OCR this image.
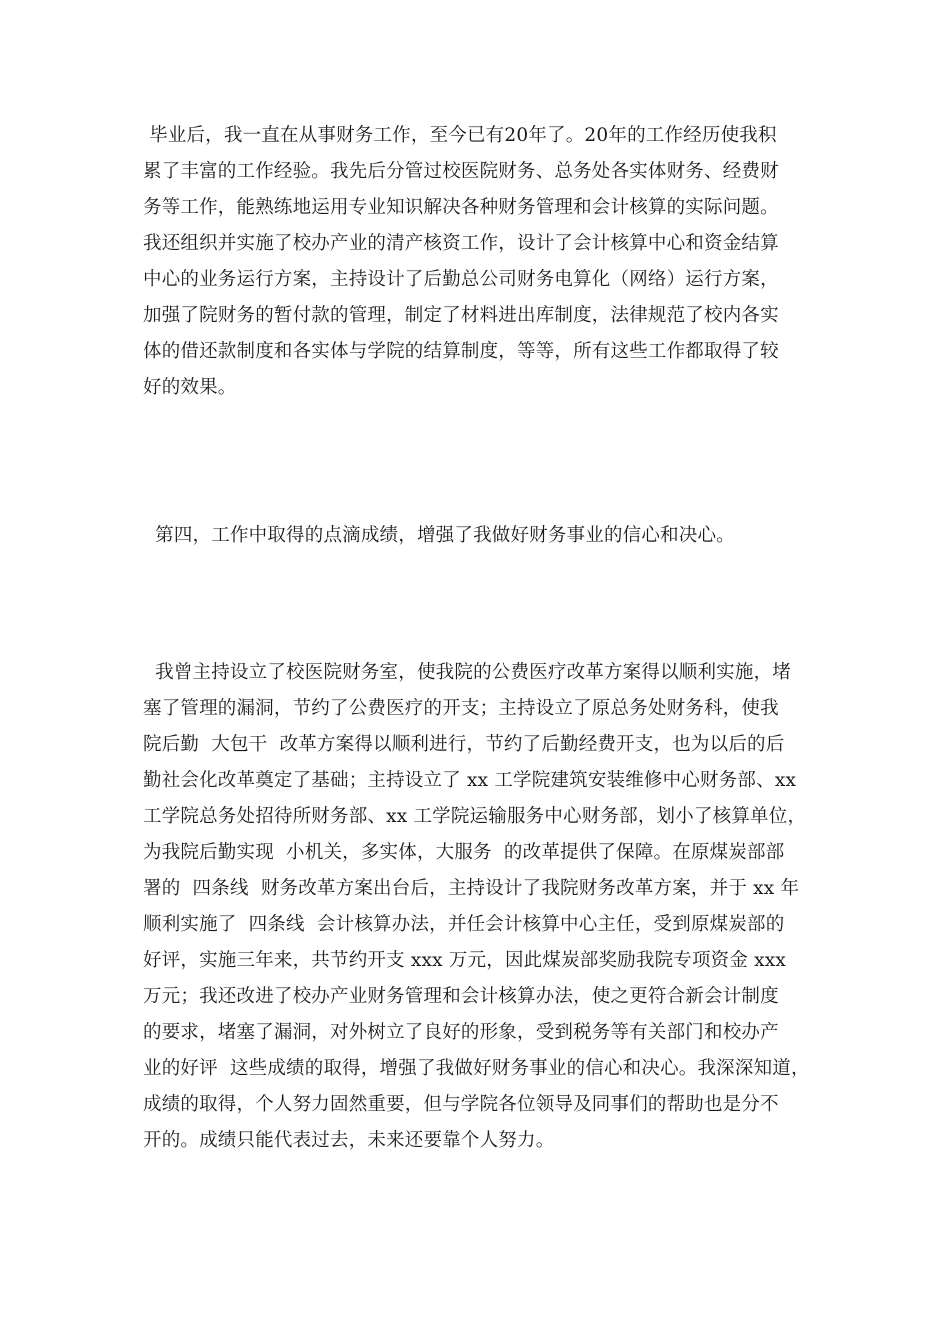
毕业后，我一直在从事财务工作，至今已有20年了。20年的工作经历使我积
累了丰富的工作经验。我先后分管过校医院财务、总务处各实体财务、经费财
务等工作，能熟练地运用专业知识解决各种财务管理和会计核算的实际问题。
我还组织并实施了校办产业的清产核资工作，设计了会计核算中心和资金结算
中心的业务运行方案，主持设计了后勤总公司财务电算化（网络）运行方案，
加强了院财务的暂付款的管理，制定了材料进出库制度，法律规范了校内各实
体的借还款制度和各实体与学院的结算制度，等等，所有这些工作都取得了较
好的效果。
第四，工作中取得的点滴成绩，增强了我做好财务事业的信心和决心。
我曾主持设立了校医院财务室，使我院的公费医疗改革方案得以顺利实施，堵
塞了管理的漏洞，节约了公费医疗的开支；主持设立了原总务处财务科，使我
院后勤  大包干  改革方案得以顺利进行，节约了后勤经费开支，也为以后的后
勤社会化改革奠定了基础；主持设立了 xx 工学院建筑安装维修中心财务部、xx
工学院总务处招待所财务部、xx 工学院运输服务中心财务部，划小了核算单位，
为我院后勤实现  小机关，多实体，大服务  的改革提供了保障。在原煤炭部部
署的  四条线  财务改革方案出台后，主持设计了我院财务改革方案，并于 xx 年
顺利实施了  四条线  会计核算办法，并任会计核算中心主任，受到原煤炭部的
好评，实施三年来，共节约开支 xxx 万元，因此煤炭部奖励我院专项资金 xxx
万元；我还改进了校办产业财务管理和会计核算办法，使之更符合新会计制度
的要求，堵塞了漏洞，对外树立了良好的形象，受到税务等有关部门和校办产
业的好评  这些成绩的取得，增强了我做好财务事业的信心和决心。我深深知道，
成绩的取得，个人努力固然重要，但与学院各位领导及同事们的帮助也是分不
开的。成绩只能代表过去，未来还要靠个人努力。
